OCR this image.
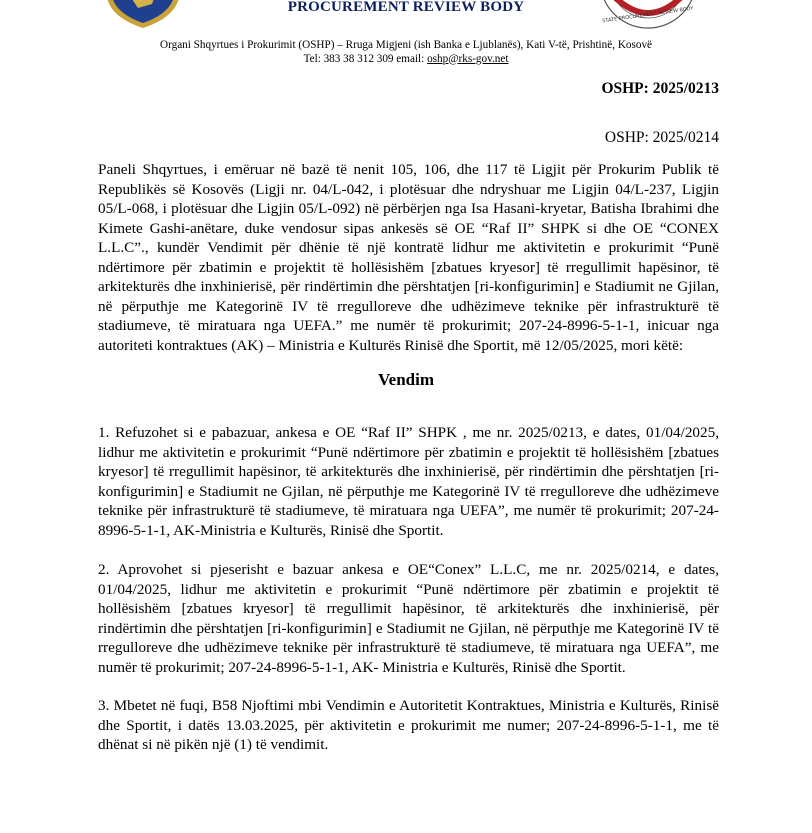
STATE PROCUREMENT REVIEW BODY
PROCUREMENT REVIEW BODY
Organi Shqyrtues i Prokurimit (OSHP) – Rruga Migjeni (ish Banka e Ljublanës), Kati V-të, Prishtinë, Kosovë
Tel: 383 38 312 309 email: oshp@rks-gov.net
OSHP: 2025/0213
OSHP: 2025/0214

Paneli Shqyrtues, i emëruar në bazë të nenit 105, 106, dhe 117 të Ligjit për Prokurim Publik të Republikës së Kosovës (Ligji nr. 04/L-042, i plotësuar dhe ndryshuar me Ligjin 04/L-237, Ligjin 05/L-068, i plotësuar dhe Ligjin 05/L-092) në përbërjen nga Isa Hasani-kryetar, Batisha Ibrahimi dhe Kimete Gashi-anëtare, duke vendosur sipas ankesës së OE “Raf II” SHPK si dhe OE “CONEX L.L.C”., kundër Vendimit për dhënie të një kontratë lidhur me aktivitetin e prokurimit “Punë ndërtimore për zbatimin e projektit të hollësishëm [zbatues kryesor] të rregullimit hapësinor, të arkitekturës dhe inxhinierisë, për rindërtimin dhe përshtatjen [ri-konfigurimin] e Stadiumit ne Gjilan, në përputhje me Kategorinë IV të rregulloreve dhe udhëzimeve teknike për infrastrukturë të stadiumeve, të miratuara nga UEFA.” me numër të prokurimit; 207-24-8996-5-1-1, inicuar nga autoriteti kontraktues (AK) – Ministria e Kulturës Rinisë dhe Sportit, më 12/05/2025, mori këtë:

Vendim

1. Refuzohet si e pabazuar, ankesa e OE “Raf II” SHPK , me nr. 2025/0213, e dates, 01/04/2025, lidhur me aktivitetin e prokurimit “Punë ndërtimore për zbatimin e projektit të hollësishëm [zbatues kryesor] të rregullimit hapësinor, të arkitekturës dhe inxhinierisë, për rindërtimin dhe përshtatjen [ri-konfigurimin] e Stadiumit ne Gjilan, në përputhje me Kategorinë IV të rregulloreve dhe udhëzimeve teknike për infrastrukturë të stadiumeve, të miratuara nga UEFA”, me numër të prokurimit; 207-24-8996-5-1-1, AK-Ministria e Kulturës, Rinisë dhe Sportit.

2. Aprovohet si pjeserisht e bazuar ankesa e OE“Conex” L.L.C, me nr. 2025/0214, e dates, 01/04/2025, lidhur me aktivitetin e prokurimit “Punë ndërtimore për zbatimin e projektit të hollësishëm [zbatues kryesor] të rregullimit hapësinor, të arkitekturës dhe inxhinierisë, për rindërtimin dhe përshtatjen [ri-konfigurimin] e Stadiumit ne Gjilan, në përputhje me Kategorinë IV të rregulloreve dhe udhëzimeve teknike për infrastrukturë të stadiumeve, të miratuara nga UEFA”, me numër të prokurimit; 207-24-8996-5-1-1, AK- Ministria e Kulturës, Rinisë dhe Sportit.

3. Mbetet në fuqi, B58 Njoftimi mbi Vendimin e Autoritetit Kontraktues, Ministria e Kulturës, Rinisë dhe Sportit, i datës 13.03.2025, për aktivitetin e prokurimit me numer; 207-24-8996-5-1-1, me të dhënat si në pikën një (1) të vendimit.
